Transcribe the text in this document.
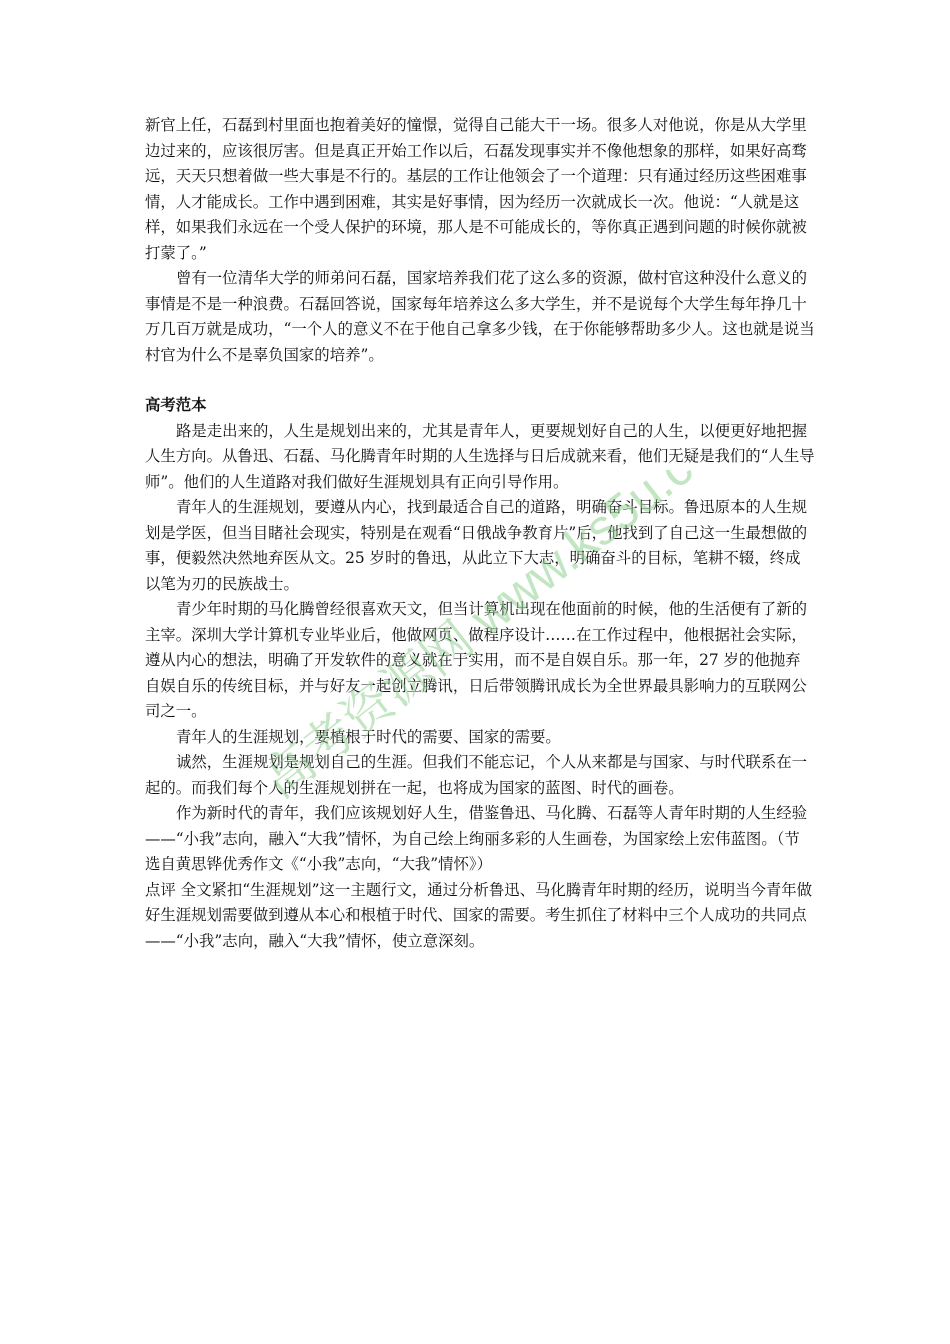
新官上任，石磊到村里面也抱着美好的憧憬，觉得自己能大干一场。很多人对他说，你是从大学里边过来的，应该很厉害。但是真正开始工作以后，石磊发现事实并不像他想象的那样，如果好高骛远，天天只想着做一些大事是不行的。基层的工作让他领会了一个道理：只有通过经历这些困难事情，人才能成长。工作中遇到困难，其实是好事情，因为经历一次就成长一次。他说：“人就是这样，如果我们永远在一个受人保护的环境，那人是不可能成长的，等你真正遇到问题的时候你就被打蒙了。”

曾有一位清华大学的师弟问石磊，国家培养我们花了这么多的资源，做村官这种没什么意义的事情是不是一种浪费。石磊回答说，国家每年培养这么多大学生，并不是说每个大学生每年挣几十万几百万就是成功，“一个人的意义不在于他自己拿多少钱，在于你能够帮助多少人。这也就是说当村官为什么不是辜负国家的培养”。

高考范本

路是走出来的，人生是规划出来的，尤其是青年人，更要规划好自己的人生，以便更好地把握人生方向。从鲁迅、石磊、马化腾青年时期的人生选择与日后成就来看，他们无疑是我们的“人生导师”。他们的人生道路对我们做好生涯规划具有正向引导作用。

青年人的生涯规划，要遵从内心，找到最适合自己的道路，明确奋斗目标。鲁迅原本的人生规划是学医，但当目睹社会现实，特别是在观看“日俄战争教育片”后，他找到了自己这一生最想做的事，便毅然决然地弃医从文。25 岁时的鲁迅，从此立下大志，明确奋斗的目标，笔耕不辍，终成以笔为刃的民族战士。

青少年时期的马化腾曾经很喜欢天文，但当计算机出现在他面前的时候，他的生活便有了新的主宰。深圳大学计算机专业毕业后，他做网页、做程序设计……在工作过程中，他根据社会实际，遵从内心的想法，明确了开发软件的意义就在于实用，而不是自娱自乐。那一年，27 岁的他抛弃自娱自乐的传统目标，并与好友一起创立腾讯，日后带领腾讯成长为全世界最具影响力的互联网公司之一。

青年人的生涯规划，要植根于时代的需要、国家的需要。

诚然，生涯规划是规划自己的生涯。但我们不能忘记，个人从来都是与国家、与时代联系在一起的。而我们每个人的生涯规划拼在一起，也将成为国家的蓝图、时代的画卷。

作为新时代的青年，我们应该规划好人生，借鉴鲁迅、马化腾、石磊等人青年时期的人生经验——“小我”志向，融入“大我”情怀，为自己绘上绚丽多彩的人生画卷，为国家绘上宏伟蓝图。（节选自黄思铧优秀作文《“小我”志向，“大我”情怀》）

点评 全文紧扣“生涯规划”这一主题行文，通过分析鲁迅、马化腾青年时期的经历，说明当今青年做好生涯规划需要做到遵从本心和根植于时代、国家的需要。考生抓住了材料中三个人成功的共同点——“小我”志向，融入“大我”情怀，使立意深刻。

高考资源网 www.ks5u.com
